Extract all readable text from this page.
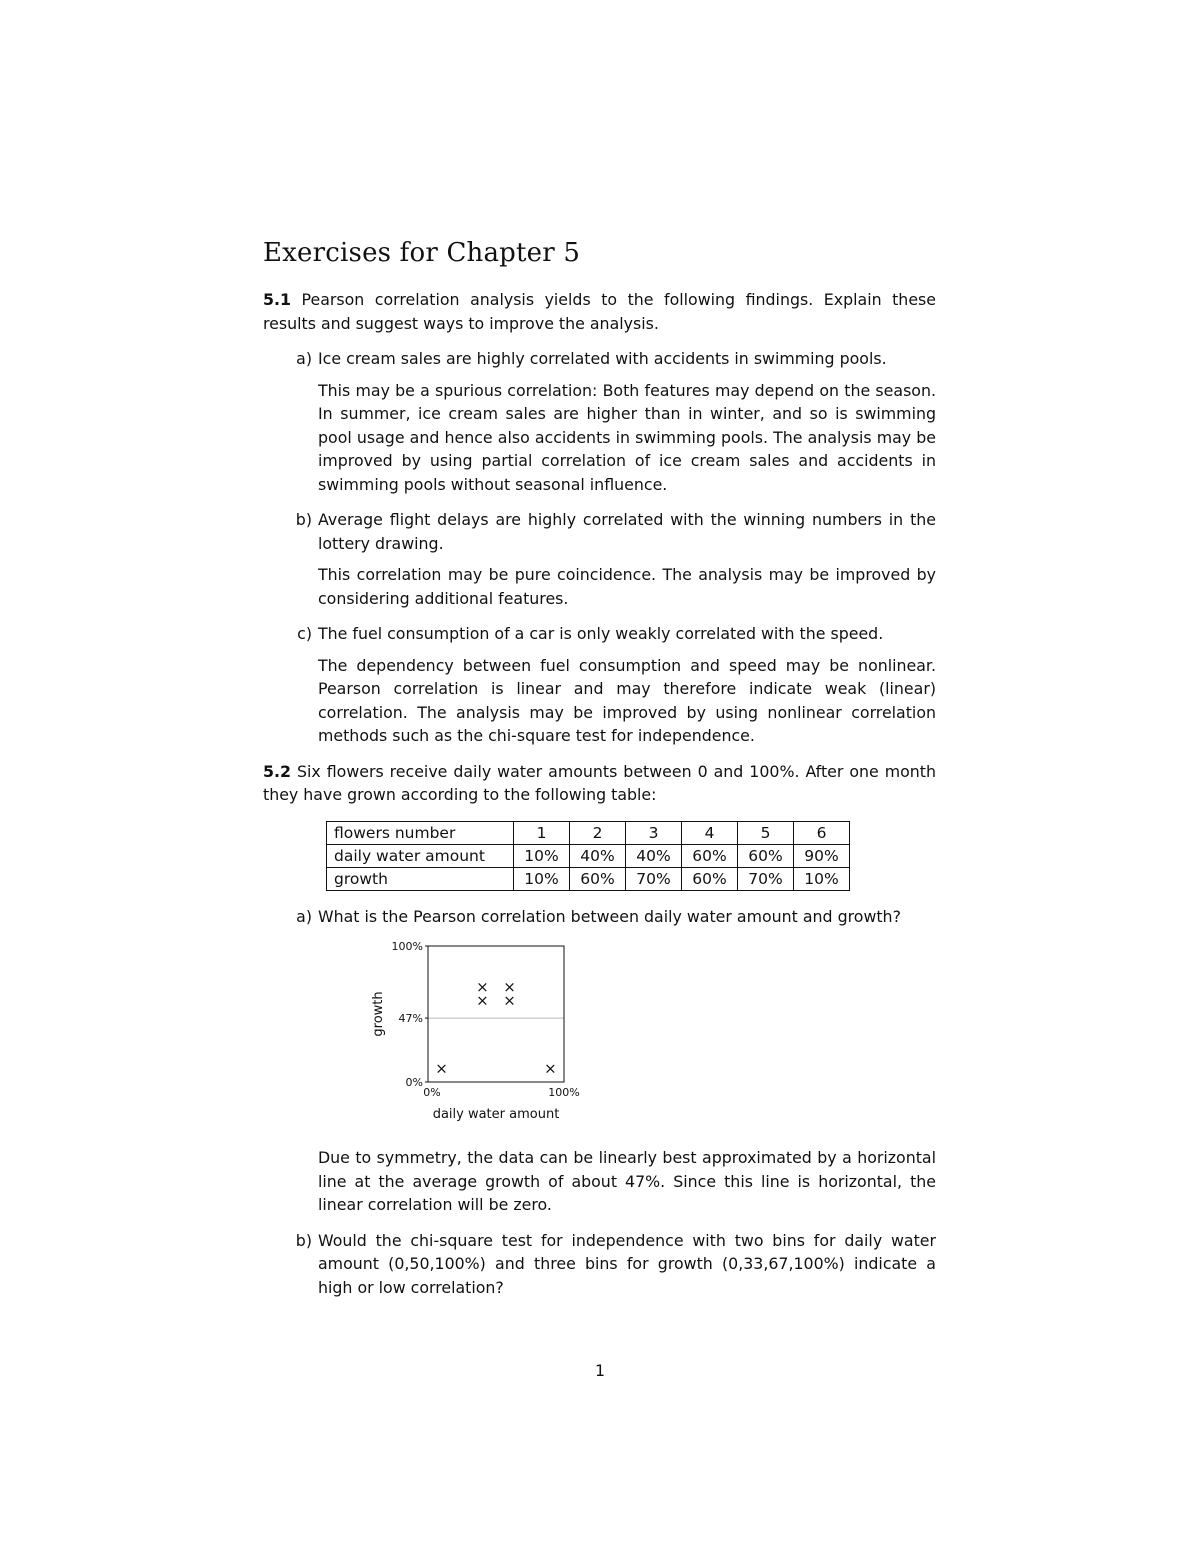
Exercises for Chapter 5

5.1 Pearson correlation analysis yields to the following findings. Explain these results and suggest ways to improve the analysis.

a) Ice cream sales are highly correlated with accidents in swimming pools.

This may be a spurious correlation: Both features may depend on the season. In summer, ice cream sales are higher than in winter, and so is swimming pool usage and hence also accidents in swimming pools. The analysis may be improved by using partial correlation of ice cream sales and accidents in swimming pools without seasonal influence.

b) Average flight delays are highly correlated with the winning numbers in the lottery drawing.

This correlation may be pure coincidence. The analysis may be improved by considering additional features.

c) The fuel consumption of a car is only weakly correlated with the speed.

The dependency between fuel consumption and speed may be nonlinear. Pearson correlation is linear and may therefore indicate weak (linear) correlation. The analysis may be improved by using nonlinear correlation methods such as the chi-square test for independence.

5.2 Six flowers receive daily water amounts between 0 and 100%. After one month they have grown according to the following table:

flowers number	1	2	3	4	5	6
daily water amount	10%	40%	40%	60%	60%	90%
growth	10%	60%	70%	60%	70%	10%
a) What is the Pearson correlation between daily water amount and growth?

0%
47%
100%
0%	100%
daily water amount
growth
×
×
×
×
×
×

Due to symmetry, the data can be linearly best approximated by a horizontal line at the average growth of about 47%. Since this line is horizontal, the linear correlation will be zero.

b) Would the chi-square test for independence with two bins for daily water amount (0,50,100%) and three bins for growth (0,33,67,100%) indicate a high or low correlation?

1
